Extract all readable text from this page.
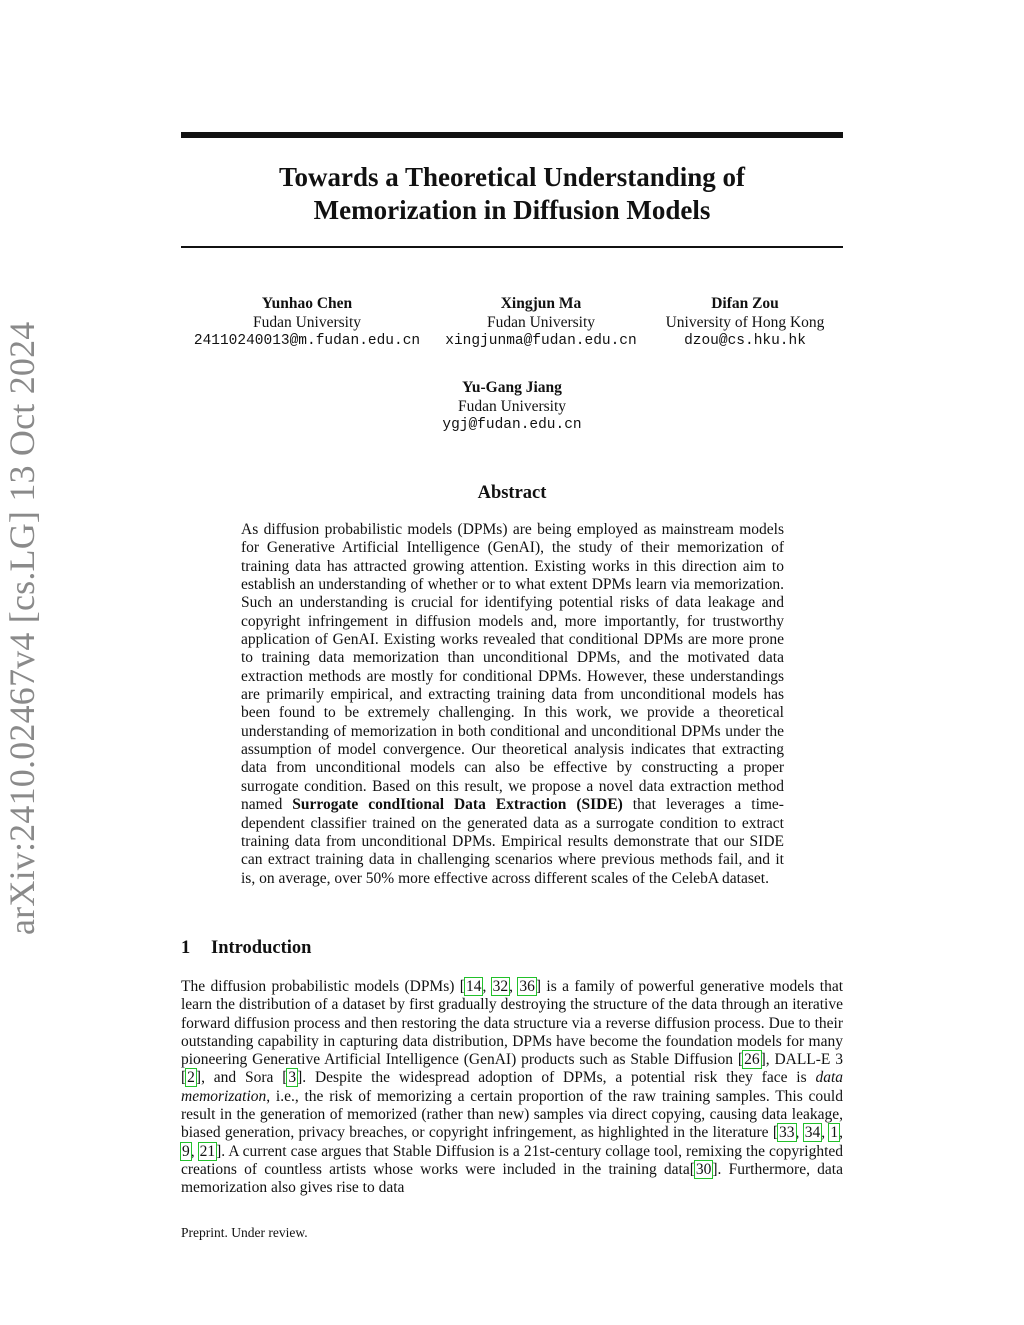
arXiv:2410.02467v4 [cs.LG] 13 Oct 2024
Towards a Theoretical Understanding of
Memorization in Diffusion Models
Yunhao Chen
Fudan University
24110240013@m.fudan.edu.cn
Xingjun Ma
Fudan University
xingjunma@fudan.edu.cn
Difan Zou
University of Hong Kong
dzou@cs.hku.hk
Yu-Gang Jiang
Fudan University
ygj@fudan.edu.cn
Abstract

As diffusion probabilistic models (DPMs) are being employed as mainstream models for Generative Artificial Intelligence (GenAI), the study of their memorization of training data has attracted growing attention. Existing works in this direction aim to establish an understanding of whether or to what extent DPMs learn via memorization. Such an understanding is crucial for identifying potential risks of data leakage and copyright infringement in diffusion models and, more importantly, for trustworthy application of GenAI. Existing works revealed that conditional DPMs are more prone to training data memorization than unconditional DPMs, and the motivated data extraction methods are mostly for conditional DPMs. However, these understandings are primarily empirical, and extracting training data from unconditional models has been found to be extremely challenging. In this work, we provide a theoretical understanding of memorization in both conditional and unconditional DPMs under the assumption of model convergence. Our theoretical analysis indicates that extracting data from unconditional models can also be effective by constructing a proper surrogate condition. Based on this result, we propose a novel data extraction method named Surrogate condItional Data Extraction (SIDE) that leverages a time-dependent classifier trained on the generated data as a surrogate condition to extract training data from unconditional DPMs. Empirical results demonstrate that our SIDE can extract training data in challenging scenarios where previous methods fail, and it is, on average, over 50% more effective across different scales of the CelebA dataset.

1 Introduction

The diffusion probabilistic models (DPMs) [14, 32, 36] is a family of powerful generative models that learn the distribution of a dataset by first gradually destroying the structure of the data through an iterative forward diffusion process and then restoring the data structure via a reverse diffusion process. Due to their outstanding capability in capturing data distribution, DPMs have become the foundation models for many pioneering Generative Artificial Intelligence (GenAI) products such as Stable Diffusion [26], DALL-E 3 [2], and Sora [3]. Despite the widespread adoption of DPMs, a potential risk they face is data memorization, i.e., the risk of memorizing a certain proportion of the raw training samples. This could result in the generation of memorized (rather than new) samples via direct copying, causing data leakage, biased generation, privacy breaches, or copyright infringement, as highlighted in the literature [33, 34, 1, 9, 21]. A current case argues that Stable Diffusion is a 21st-century collage tool, remixing the copyrighted creations of countless artists whose works were included in the training data[30]. Furthermore, data memorization also gives rise to data

Preprint. Under review.
